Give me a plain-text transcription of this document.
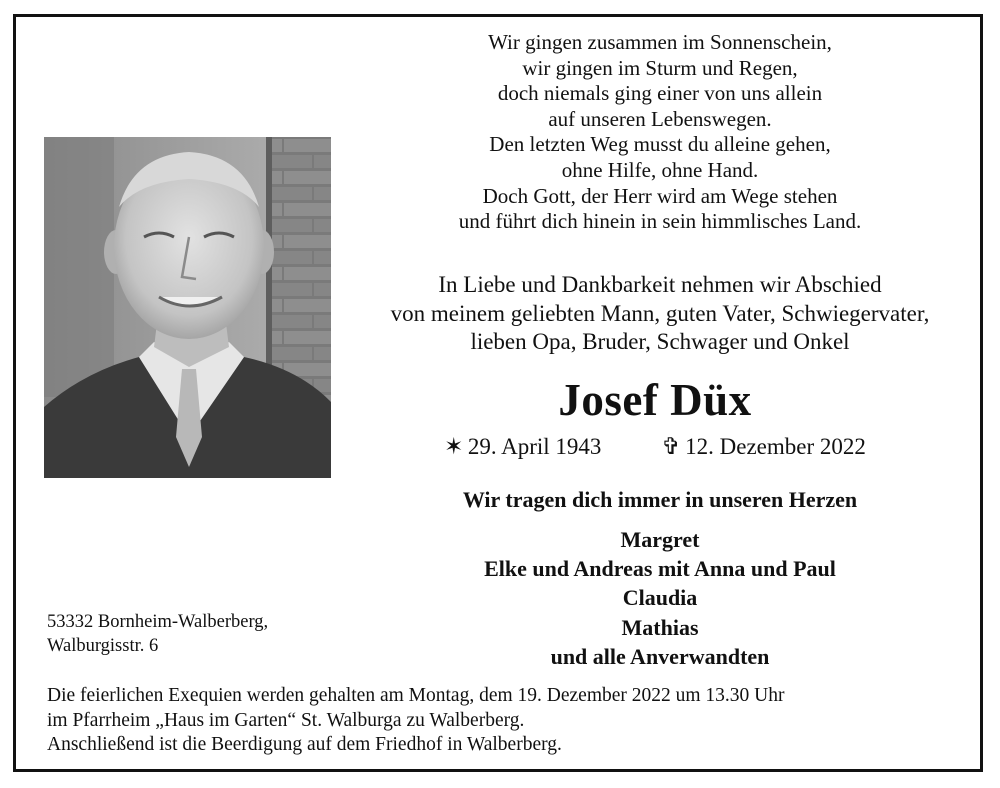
Wir gingen zusammen im Sonnenschein,
wir gingen im Sturm und Regen,
doch niemals ging einer von uns allein
auf unseren Lebenswegen.
Den letzten Weg musst du alleine gehen,
ohne Hilfe, ohne Hand.
Doch Gott, der Herr wird am Wege stehen
und führt dich hinein in sein himmlisches Land.
In Liebe und Dankbarkeit nehmen wir Abschied
von meinem geliebten Mann, guten Vater, Schwiegervater,
lieben Opa, Bruder, Schwager und Onkel
Josef Düx
✶ 29. April 1943	✞ 12. Dezember 2022
Wir tragen dich immer in unseren Herzen
Margret
Elke und Andreas mit Anna und Paul
Claudia
Mathias
und alle Anverwandten
53332 Bornheim-Walberberg,
Walburgisstr. 6
Die feierlichen Exequien werden gehalten am Montag, dem 19. Dezember 2022 um 13.30 Uhr
im Pfarrheim „Haus im Garten“ St. Walburga zu Walberberg.
Anschließend ist die Beerdigung auf dem Friedhof in Walberberg.
